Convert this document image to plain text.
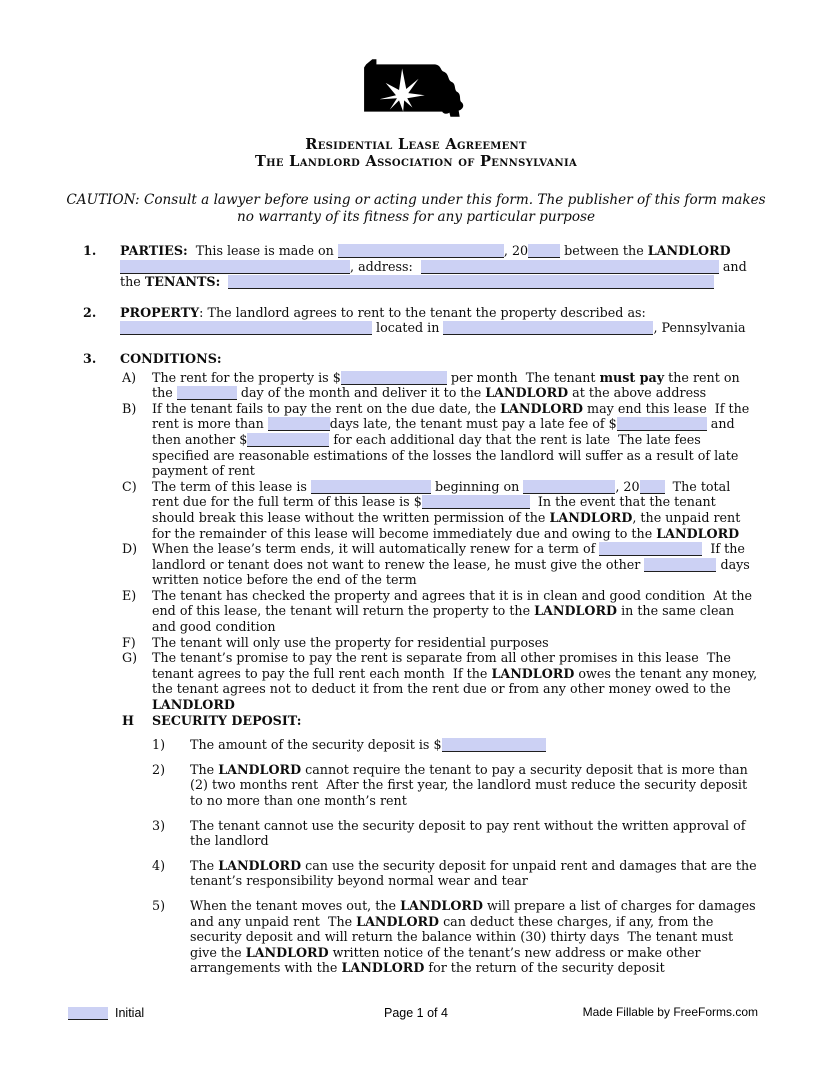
Residential Lease Agreement
The Landlord Association of Pennsylvania
CAUTION: Consult a lawyer before using or acting under this form. The publisher of this form makes
no warranty of its fitness for any particular purpose
1.	PARTIES:  This lease is made on	, 20	between the LANDLORD , address:	and the TENANTS:
2.	PROPERTY: The landlord agrees to rent to the tenant the property described as:  located in	, Pennsylvania
3.	CONDITIONS:
A)	The rent for the property is $	per month  The tenant must pay the rent on the	day of the month and deliver it to the LANDLORD at the above address
B)	If the tenant fails to pay the rent on the due date, the LANDLORD may end this lease  If the rent is more than	days late, the tenant must pay a late fee of $	and then another $	for each additional day that the rent is late  The late fees specified are reasonable estimations of the losses the landlord will suffer as a result of late payment of rent
C)	The term of this lease is	beginning on	, 20  The total rent due for the full term of this lease is $	In the event that the tenant should break this lease without the written permission of the LANDLORD, the unpaid rent for the remainder of this lease will become immediately due and owing to the LANDLORD
D)	When the lease’s term ends, it will automatically renew for a term of	If the landlord or tenant does not want to renew the lease, he must give the other	days written notice before the end of the term
E)	The tenant has checked the property and agrees that it is in clean and good condition  At the end of this lease, the tenant will return the property to the LANDLORD in the same clean and good condition
F)	The tenant will only use the property for residential purposes
G)	The tenant’s promise to pay the rent is separate from all other promises in this lease  The tenant agrees to pay the full rent each month  If the LANDLORD owes the tenant any money, the tenant agrees not to deduct it from the rent due or from any other money owed to the LANDLORD
H	SECURITY DEPOSIT:
1)	The amount of the security deposit is $
2)	The LANDLORD cannot require the tenant to pay a security deposit that is more than (2) two months rent  After the first year, the landlord must reduce the security deposit to no more than one month’s rent
3)	The tenant cannot use the security deposit to pay rent without the written approval of the landlord
4)	The LANDLORD can use the security deposit for unpaid rent and damages that are the tenant’s responsibility beyond normal wear and tear
5)	When the tenant moves out, the LANDLORD will prepare a list of charges for damages and any unpaid rent  The LANDLORD can deduct these charges, if any, from the security deposit and will return the balance within (30) thirty days  The tenant must give the LANDLORD written notice of the tenant’s new address or make other arrangements with the LANDLORD for the return of the security deposit
Initial	Page 1 of 4	Made Fillable by FreeForms.com
